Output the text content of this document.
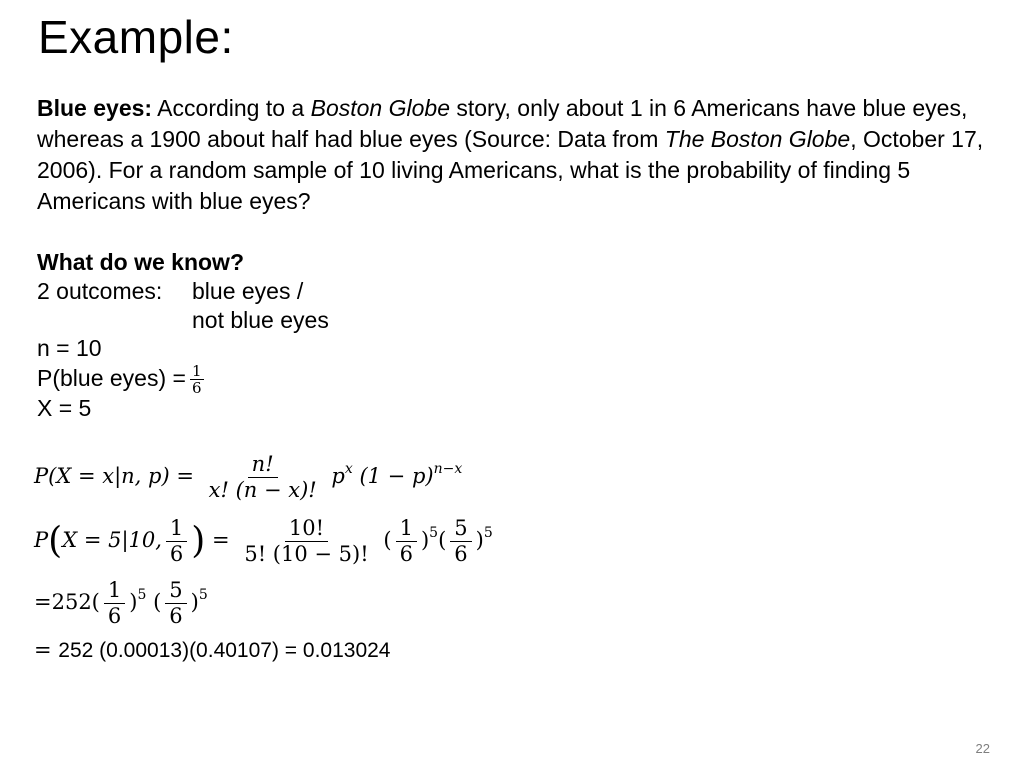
Example:
Blue eyes: According to a Boston Globe story, only about 1 in 6 Americans have blue eyes, whereas a 1900 about half had blue eyes (Source: Data from The Boston Globe, October 17, 2006). For a random sample of 10 living Americans, what is the probability of finding 5 Americans with blue eyes?
What do we know?
2 outcomes: blue eyes /
not blue eyes
n = 10
P(blue eyes) = $\frac{1}{6}$
X = 5
P(X = x|n, $p) = \frac{n!}{x! (n - x)!} p^x$ $(1 - p)^{n-x}$
P(X = 5|10, $\frac{1}{6}$ ) = $\frac{10!}{5! (10 - 5)!}$ ( $\frac{1}{6} )^5( \frac{5}{6} )^5$
$=252( \frac{1}{6} )^5$ ( $\frac{5}{6} )^5$
= 252 (0.00013)(0.40107) = 0.013024
22
